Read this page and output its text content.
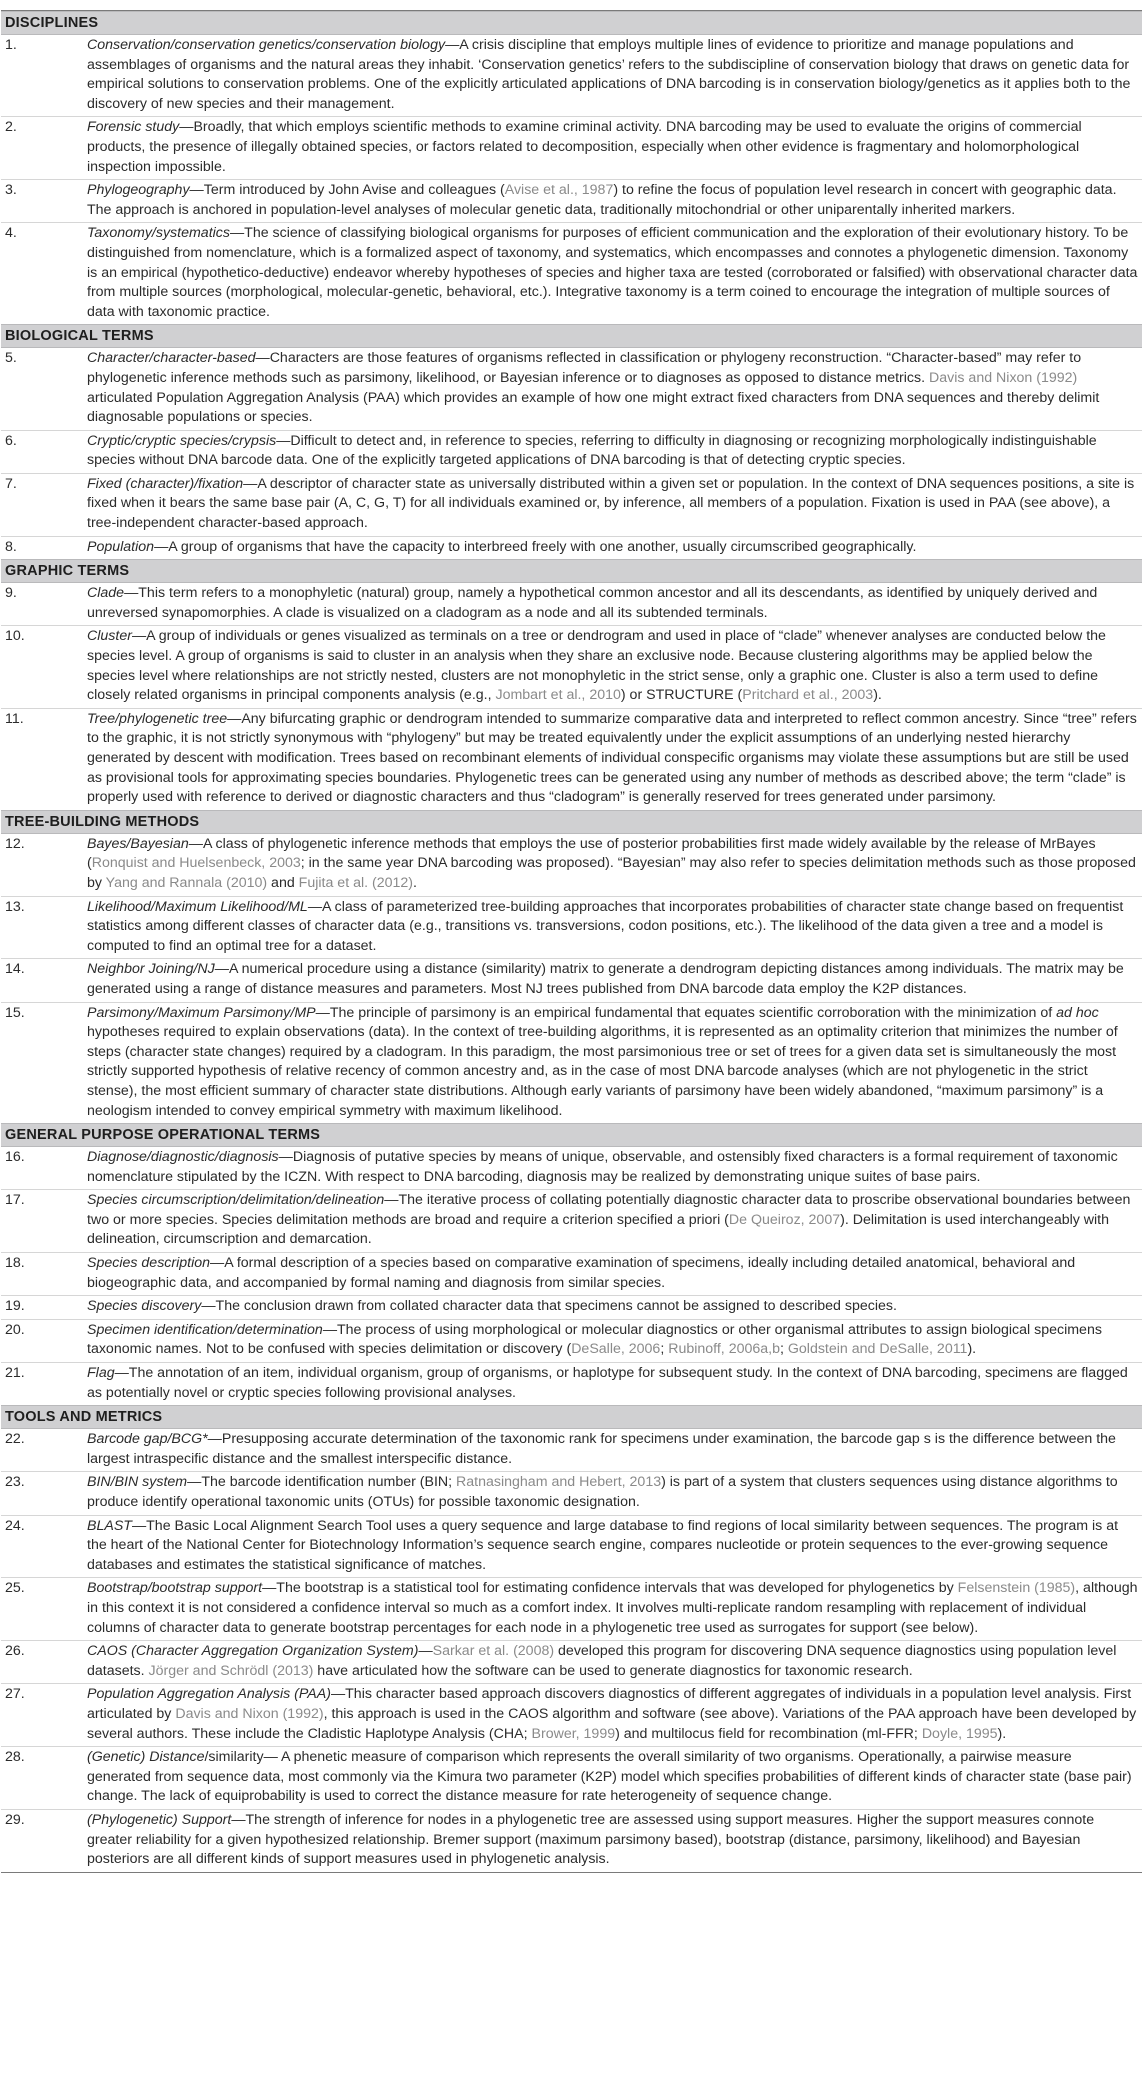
DISCIPLINES
1.	Conservation/conservation genetics/conservation biology—A crisis discipline that employs multiple lines of evidence to prioritize and manage populations and assemblages of organisms and the natural areas they inhabit. ‘Conservation genetics’ refers to the subdiscipline of conservation biology that draws on genetic data for empirical solutions to conservation problems. One of the explicitly articulated applications of DNA barcoding is in conservation biology/genetics as it applies both to the discovery of new species and their management.
2.	Forensic study—Broadly, that which employs scientific methods to examine criminal activity. DNA barcoding may be used to evaluate the origins of commercial products, the presence of illegally obtained species, or factors related to decomposition, especially when other evidence is fragmentary and holomorphological inspection impossible.
3.	Phylogeography—Term introduced by John Avise and colleagues (Avise et al., 1987) to refine the focus of population level research in concert with geographic data. The approach is anchored in population-level analyses of molecular genetic data, traditionally mitochondrial or other uniparentally inherited markers.
4.	Taxonomy/systematics—The science of classifying biological organisms for purposes of efficient communication and the exploration of their evolutionary history. To be distinguished from nomenclature, which is a formalized aspect of taxonomy, and systematics, which encompasses and connotes a phylogenetic dimension. Taxonomy is an empirical (hypothetico-deductive) endeavor whereby hypotheses of species and higher taxa are tested (corroborated or falsified) with observational character data from multiple sources (morphological, molecular-genetic, behavioral, etc.). Integrative taxonomy is a term coined to encourage the integration of multiple sources of data with taxonomic practice.
BIOLOGICAL TERMS
5.	Character/character-based—Characters are those features of organisms reflected in classification or phylogeny reconstruction. “Character-based” may refer to phylogenetic inference methods such as parsimony, likelihood, or Bayesian inference or to diagnoses as opposed to distance metrics. Davis and Nixon (1992) articulated Population Aggregation Analysis (PAA) which provides an example of how one might extract fixed characters from DNA sequences and thereby delimit diagnosable populations or species.
6.	Cryptic/cryptic species/crypsis—Difficult to detect and, in reference to species, referring to difficulty in diagnosing or recognizing morphologically indistinguishable species without DNA barcode data. One of the explicitly targeted applications of DNA barcoding is that of detecting cryptic species.
7.	Fixed (character)/fixation—A descriptor of character state as universally distributed within a given set or population. In the context of DNA sequences positions, a site is fixed when it bears the same base pair (A, C, G, T) for all individuals examined or, by inference, all members of a population. Fixation is used in PAA (see above), a tree-independent character-based approach.
8.	Population—A group of organisms that have the capacity to interbreed freely with one another, usually circumscribed geographically.
GRAPHIC TERMS
9.	Clade—This term refers to a monophyletic (natural) group, namely a hypothetical common ancestor and all its descendants, as identified by uniquely derived and unreversed synapomorphies. A clade is visualized on a cladogram as a node and all its subtended terminals.
10.	Cluster—A group of individuals or genes visualized as terminals on a tree or dendrogram and used in place of “clade” whenever analyses are conducted below the species level. A group of organisms is said to cluster in an analysis when they share an exclusive node. Because clustering algorithms may be applied below the species level where relationships are not strictly nested, clusters are not monophyletic in the strict sense, only a graphic one. Cluster is also a term used to define closely related organisms in principal components analysis (e.g., Jombart et al., 2010) or STRUCTURE (Pritchard et al., 2003).
11.	Tree/phylogenetic tree—Any bifurcating graphic or dendrogram intended to summarize comparative data and interpreted to reflect common ancestry. Since “tree” refers to the graphic, it is not strictly synonymous with “phylogeny” but may be treated equivalently under the explicit assumptions of an underlying nested hierarchy generated by descent with modification. Trees based on recombinant elements of individual conspecific organisms may violate these assumptions but are still be used as provisional tools for approximating species boundaries. Phylogenetic trees can be generated using any number of methods as described above; the term “clade” is properly used with reference to derived or diagnostic characters and thus “cladogram” is generally reserved for trees generated under parsimony.
TREE-BUILDING METHODS
12.	Bayes/Bayesian—A class of phylogenetic inference methods that employs the use of posterior probabilities first made widely available by the release of MrBayes (Ronquist and Huelsenbeck, 2003; in the same year DNA barcoding was proposed). “Bayesian” may also refer to species delimitation methods such as those proposed by Yang and Rannala (2010) and Fujita et al. (2012).
13.	Likelihood/Maximum Likelihood/ML—A class of parameterized tree-building approaches that incorporates probabilities of character state change based on frequentist statistics among different classes of character data (e.g., transitions vs. transversions, codon positions, etc.). The likelihood of the data given a tree and a model is computed to find an optimal tree for a dataset.
14.	Neighbor Joining/NJ—A numerical procedure using a distance (similarity) matrix to generate a dendrogram depicting distances among individuals. The matrix may be generated using a range of distance measures and parameters. Most NJ trees published from DNA barcode data employ the K2P distances.
15.	Parsimony/Maximum Parsimony/MP—The principle of parsimony is an empirical fundamental that equates scientific corroboration with the minimization of ad hoc hypotheses required to explain observations (data). In the context of tree-building algorithms, it is represented as an optimality criterion that minimizes the number of steps (character state changes) required by a cladogram. In this paradigm, the most parsimonious tree or set of trees for a given data set is simultaneously the most strictly supported hypothesis of relative recency of common ancestry and, as in the case of most DNA barcode analyses (which are not phylogenetic in the strict stense), the most efficient summary of character state distributions. Although early variants of parsimony have been widely abandoned, “maximum parsimony” is a neologism intended to convey empirical symmetry with maximum likelihood.
GENERAL PURPOSE OPERATIONAL TERMS
16.	Diagnose/diagnostic/diagnosis—Diagnosis of putative species by means of unique, observable, and ostensibly fixed characters is a formal requirement of taxonomic nomenclature stipulated by the ICZN. With respect to DNA barcoding, diagnosis may be realized by demonstrating unique suites of base pairs.
17.	Species circumscription/delimitation/delineation—The iterative process of collating potentially diagnostic character data to proscribe observational boundaries between two or more species. Species delimitation methods are broad and require a criterion specified a priori (De Queiroz, 2007). Delimitation is used interchangeably with delineation, circumscription and demarcation.
18.	Species description—A formal description of a species based on comparative examination of specimens, ideally including detailed anatomical, behavioral and biogeographic data, and accompanied by formal naming and diagnosis from similar species.
19.	Species discovery—The conclusion drawn from collated character data that specimens cannot be assigned to described species.
20.	Specimen identification/determination—The process of using morphological or molecular diagnostics or other organismal attributes to assign biological specimens taxonomic names. Not to be confused with species delimitation or discovery (DeSalle, 2006; Rubinoff, 2006a,b; Goldstein and DeSalle, 2011).
21.	Flag—The annotation of an item, individual organism, group of organisms, or haplotype for subsequent study. In the context of DNA barcoding, specimens are flagged as potentially novel or cryptic species following provisional analyses.
TOOLS AND METRICS
22.	Barcode gap/BCG*—Presupposing accurate determination of the taxonomic rank for specimens under examination, the barcode gap s is the difference between the largest intraspecific distance and the smallest interspecific distance.
23.	BIN/BIN system—The barcode identification number (BIN; Ratnasingham and Hebert, 2013) is part of a system that clusters sequences using distance algorithms to produce identify operational taxonomic units (OTUs) for possible taxonomic designation.
24.	BLAST—The Basic Local Alignment Search Tool uses a query sequence and large database to find regions of local similarity between sequences. The program is at the heart of the National Center for Biotechnology Information’s sequence search engine, compares nucleotide or protein sequences to the ever-growing sequence databases and estimates the statistical significance of matches.
25.	Bootstrap/bootstrap support—The bootstrap is a statistical tool for estimating confidence intervals that was developed for phylogenetics by Felsenstein (1985), although in this context it is not considered a confidence interval so much as a comfort index. It involves multi-replicate random resampling with replacement of individual columns of character data to generate bootstrap percentages for each node in a phylogenetic tree used as surrogates for support (see below).
26.	CAOS (Character Aggregation Organization System)—Sarkar et al. (2008) developed this program for discovering DNA sequence diagnostics using population level datasets. Jörger and Schrödl (2013) have articulated how the software can be used to generate diagnostics for taxonomic research.
27.	Population Aggregation Analysis (PAA)—This character based approach discovers diagnostics of different aggregates of individuals in a population level analysis. First articulated by Davis and Nixon (1992), this approach is used in the CAOS algorithm and software (see above). Variations of the PAA approach have been developed by several authors. These include the Cladistic Haplotype Analysis (CHA; Brower, 1999) and multilocus field for recombination (ml-FFR; Doyle, 1995).
28.	(Genetic) Distance/similarity— A phenetic measure of comparison which represents the overall similarity of two organisms. Operationally, a pairwise measure generated from sequence data, most commonly via the Kimura two parameter (K2P) model which specifies probabilities of different kinds of character state (base pair) change. The lack of equiprobability is used to correct the distance measure for rate heterogeneity of sequence change.
29.	(Phylogenetic) Support—The strength of inference for nodes in a phylogenetic tree are assessed using support measures. Higher the support measures connote greater reliability for a given hypothesized relationship. Bremer support (maximum parsimony based), bootstrap (distance, parsimony, likelihood) and Bayesian posteriors are all different kinds of support measures used in phylogenetic analysis.
